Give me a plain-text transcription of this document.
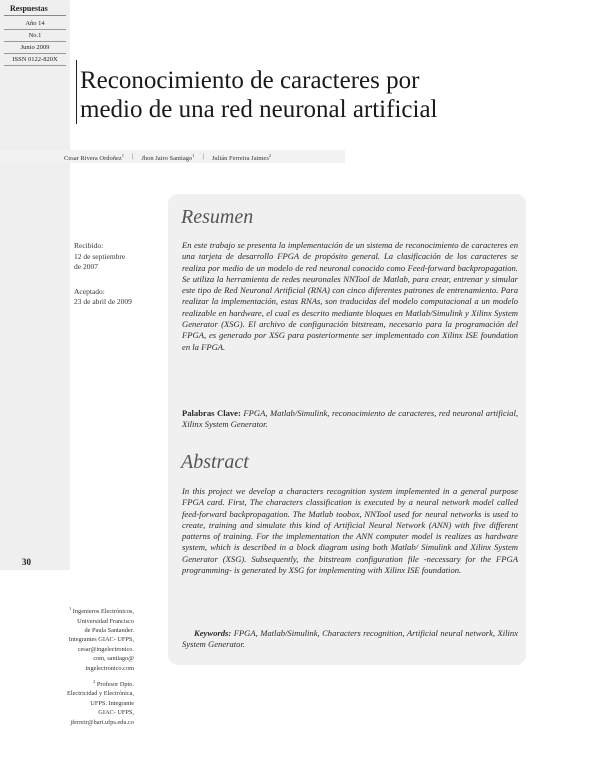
Respuestas
Año 14
No.1
Junio 2009
ISSN 0122-820X
30
Reconocimiento de caracteres por
medio de una red neuronal artificial
Cesar Rivera Ordoñez$^1$ | Jhon Jairo Santiago$^1$ | Julián Ferreira Jaimes$^2$
Recibido:
12 de septiembre
de 2007
Aceptado:
23 de abril de 2009
Resumen

En este trabajo se presenta la implementación de un sistema de reconocimiento de caracteres en una tarjeta de desarrollo FPGA de propósito general. La clasificación de los caracteres se realiza por medio de un modelo de red neuronal conocido como Feed-forward backpropagation. Se utiliza la herramienta de redes neuronales NNTool de Matlab, para crear, entrenar y simular este tipo de Red Neuronal Artificial (RNA) con cinco diferentes patrones de entrenamiento. Para realizar la implementación, estas RNAs, son traducidas del modelo computacional a un modelo realizable en hardware, el cual es descrito mediante bloques en Matlab/Simulink y Xilinx System Generator (XSG). El archivo de configuración bitstream, necesario para la programación del FPGA, es generado por XSG para posteriormente ser implementado con Xilinx ISE foundation en la FPGA.

Palabras Clave: FPGA, Matlab/Simulink, reconocimiento de caracteres, red neuronal artificial, Xilinx System Generator.

Abstract

In this project we develop a characters recognition system implemented in a general purpose FPGA card. First, The characters classification is executed by a neural network model called feed-forward backpropagation. The Matlab toobox, NNTool used for neural networks is used to create, training and simulate this kind of Artificial Neural Network (ANN) with five different patterns of training. For the implementation the ANN computer model is realizes as hardware system, which is described in a block diagram using both Matlab/ Simulink and Xilinx System Generator (XSG). Subsequently, the bitstream configuration file -necessary for the FPGA programming- is generated by XSG for implementing with Xilinx ISE foundation.

Keywords: FPGA, Matlab/Simulink, Characters recognition, Artificial neural network, Xilinx System Generator.

$^1$ Ingenieros Electrónicos,
Universidad Francisco
de Paula Santander.
Integrantes GIAC- UFPS,
cesar@ingelectronico.
com, santiago@
ingelectronico.com
$^2$ Profesor Dpto.
Electricidad y Electrónica,
UFPS. Integrante
GIAC- UFPS,
jferreir@bari.ufps.edu.co
